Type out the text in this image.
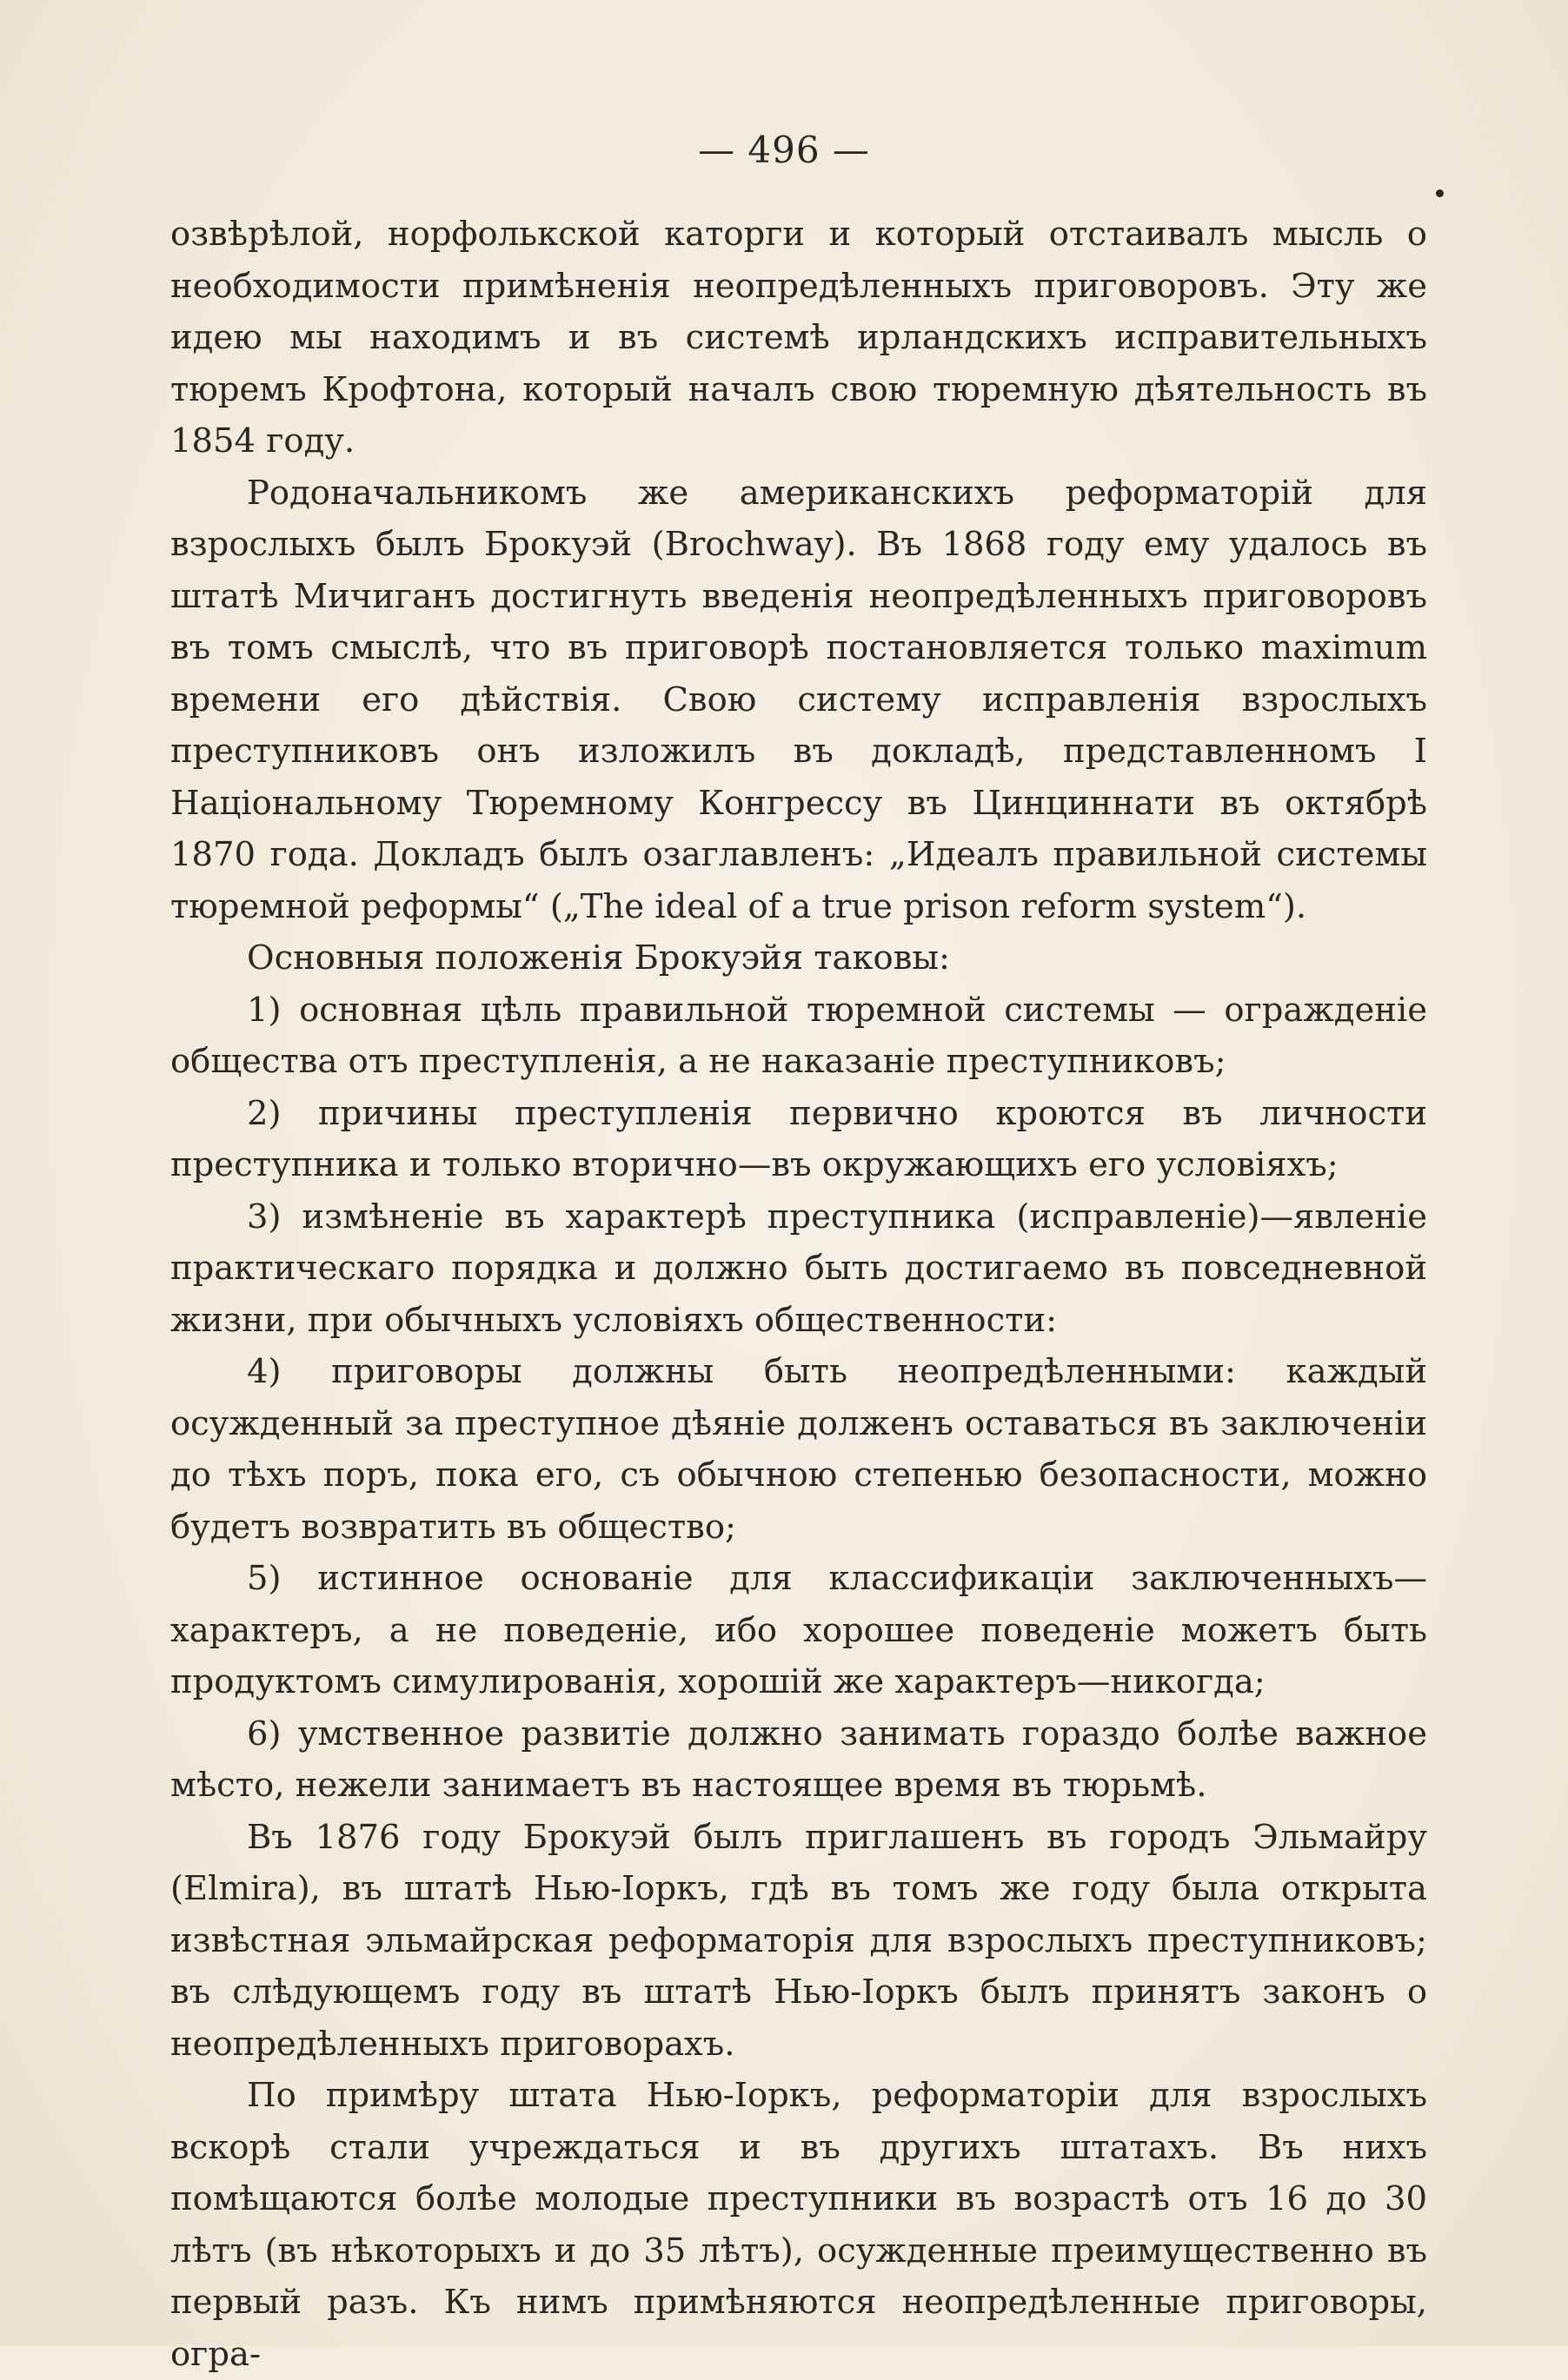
— 496 —

озвѣрѣлой, норфолькской каторги и который отстаивалъ мысль о необходимости примѣненія неопредѣленныхъ приговоровъ. Эту же идею мы находимъ и въ системѣ ирландскихъ исправительныхъ тюремъ Крофтона, который началъ свою тюремную дѣятельность въ 1854 году.

Родоначальникомъ же американскихъ реформаторій для взрослыхъ былъ Брокуэй (Brochway). Въ 1868 году ему удалось въ штатѣ Мичиганъ достигнуть введенія неопредѣленныхъ приговоровъ въ томъ смыслѣ, что въ приговорѣ постановляется только maximum времени его дѣйствія. Свою систему исправленія взрослыхъ преступниковъ онъ изложилъ въ докладѣ, представленномъ I Національному Тюремному Конгрессу въ Цинциннати въ октябрѣ 1870 года. Докладъ былъ озаглавленъ: „Идеалъ правильной системы тюремной реформы“ („The ideal of a true prison reform system“).

Основныя положенія Брокуэйя таковы:

1) основная цѣль правильной тюремной системы — огражденіе общества отъ преступленія, а не наказаніе преступниковъ;

2) причины преступленія первично кроются въ личности преступника и только вторично—въ окружающихъ его условіяхъ;

3) измѣненіе въ характерѣ преступника (исправленіе)—явленіе практическаго порядка и должно быть достигаемо въ повседневной жизни, при обычныхъ условіяхъ общественности:

4) приговоры должны быть неопредѣленными: каждый осужденный за преступное дѣяніе долженъ оставаться въ заключеніи до тѣхъ поръ, пока его, съ обычною степенью безопасности, можно будетъ возвратить въ общество;

5) истинное основаніе для классификаціи заключенныхъ—характеръ, а не поведеніе, ибо хорошее поведеніе можетъ быть продуктомъ симулированія, хорошій же характеръ—никогда;

6) умственное развитіе должно занимать гораздо болѣе важное мѣсто, нежели занимаетъ въ настоящее время въ тюрьмѣ.

Въ 1876 году Брокуэй былъ приглашенъ въ городъ Эльмайру (Elmira), въ штатѣ Нью-Іоркъ, гдѣ въ томъ же году была открыта извѣстная эльмайрская реформаторія для взрослыхъ преступниковъ; въ слѣдующемъ году въ штатѣ Нью-Іоркъ былъ принятъ законъ о неопредѣленныхъ приговорахъ.

По примѣру штата Нью-Іоркъ, реформаторіи для взрослыхъ вскорѣ стали учреждаться и въ другихъ штатахъ. Въ нихъ помѣщаются болѣе молодые преступники въ возрастѣ отъ 16 до 30 лѣтъ (въ нѣкоторыхъ и до 35 лѣтъ), осужденные преимущественно въ первый разъ. Къ нимъ примѣняются неопредѣленные приговоры, огра-
